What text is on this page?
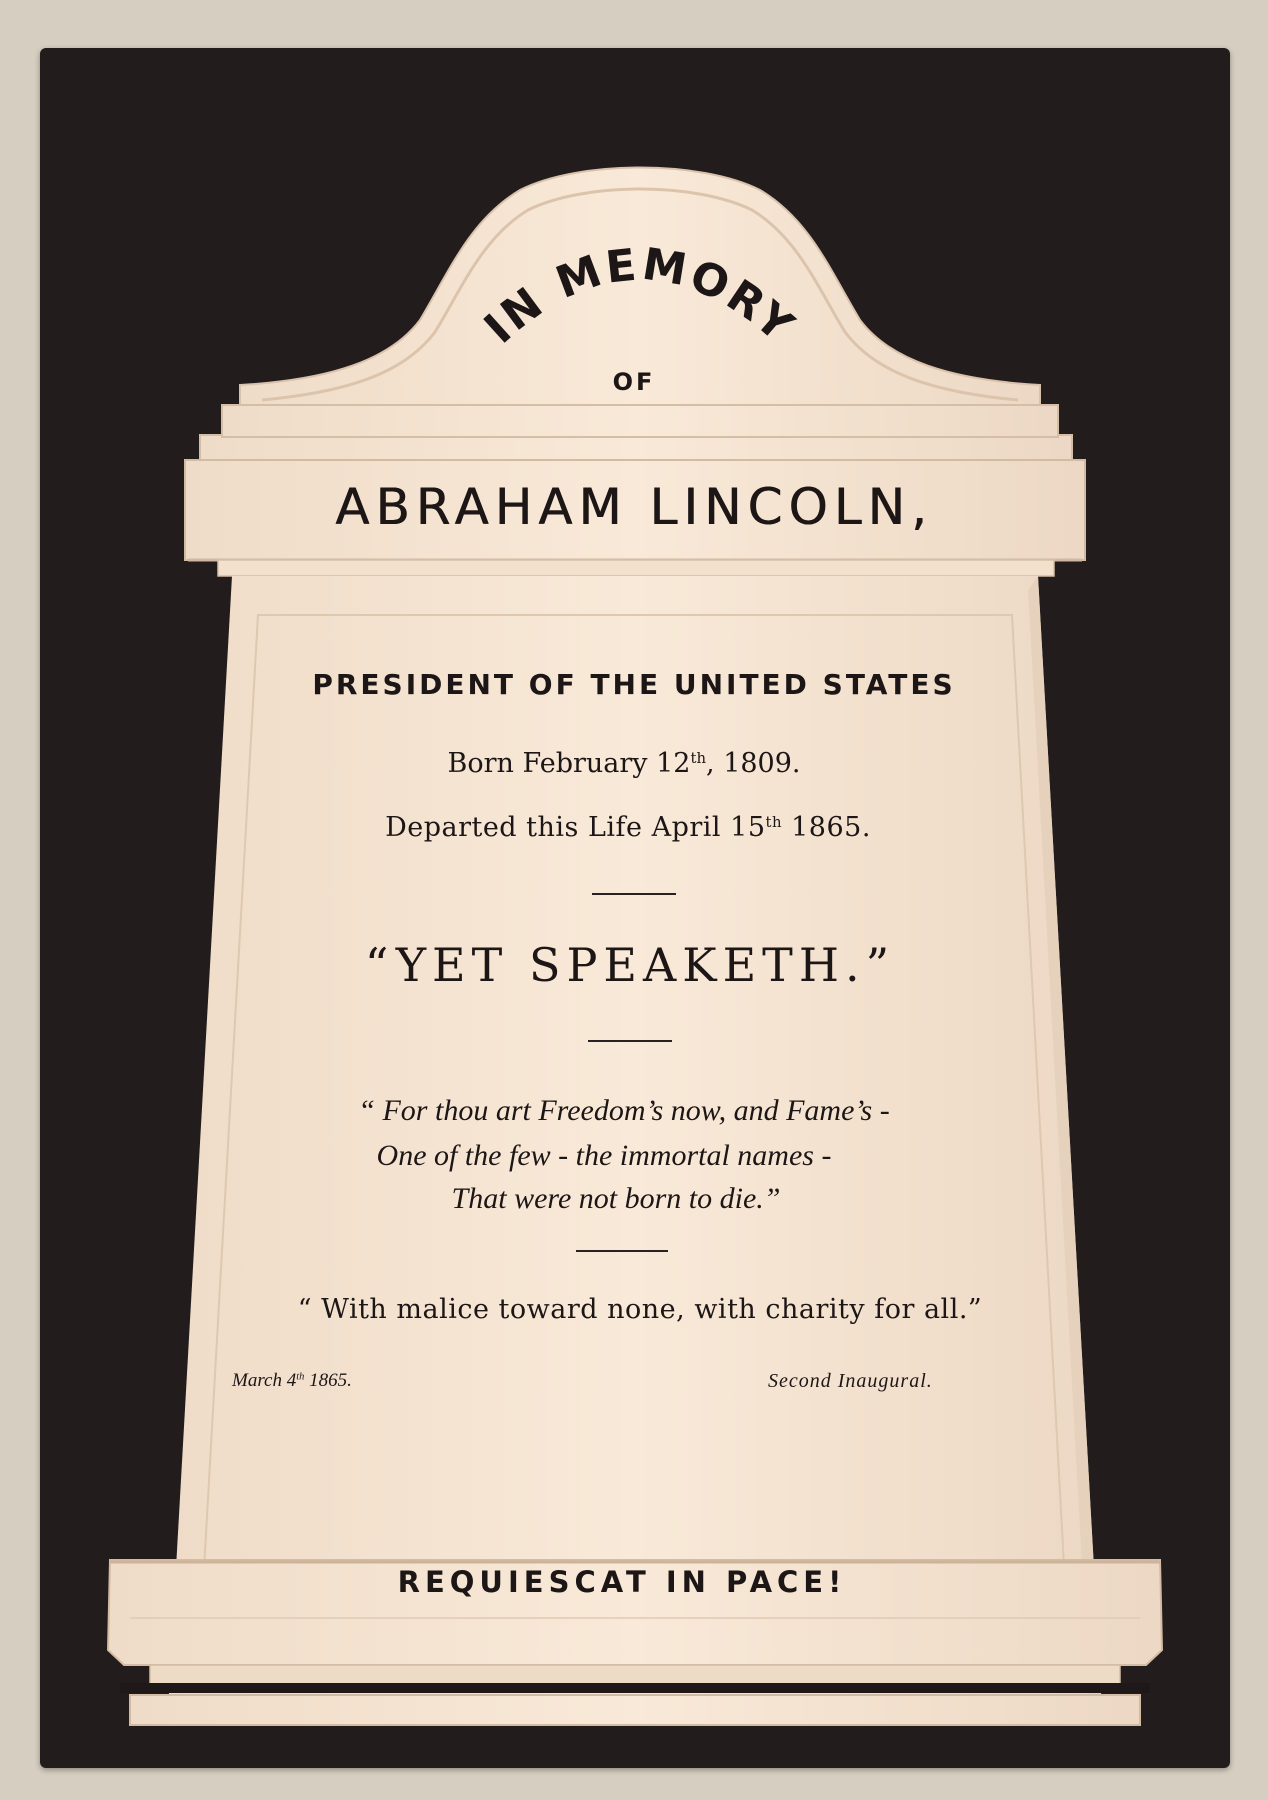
IN MEMORY
OF
ABRAHAM LINCOLN,
PRESIDENT OF THE UNITED STATES
Born February 12th, 1809.
Departed this Life April 15th 1865.
“YET SPEAKETH.”
“ For thou art Freedom’s now, and Fame’s -
One of the few - the immortal names -
That were not born to die.”
“ With malice toward none, with charity for all.”
March 4th 1865.	Second Inaugural.
REQUIESCAT IN PACE!
